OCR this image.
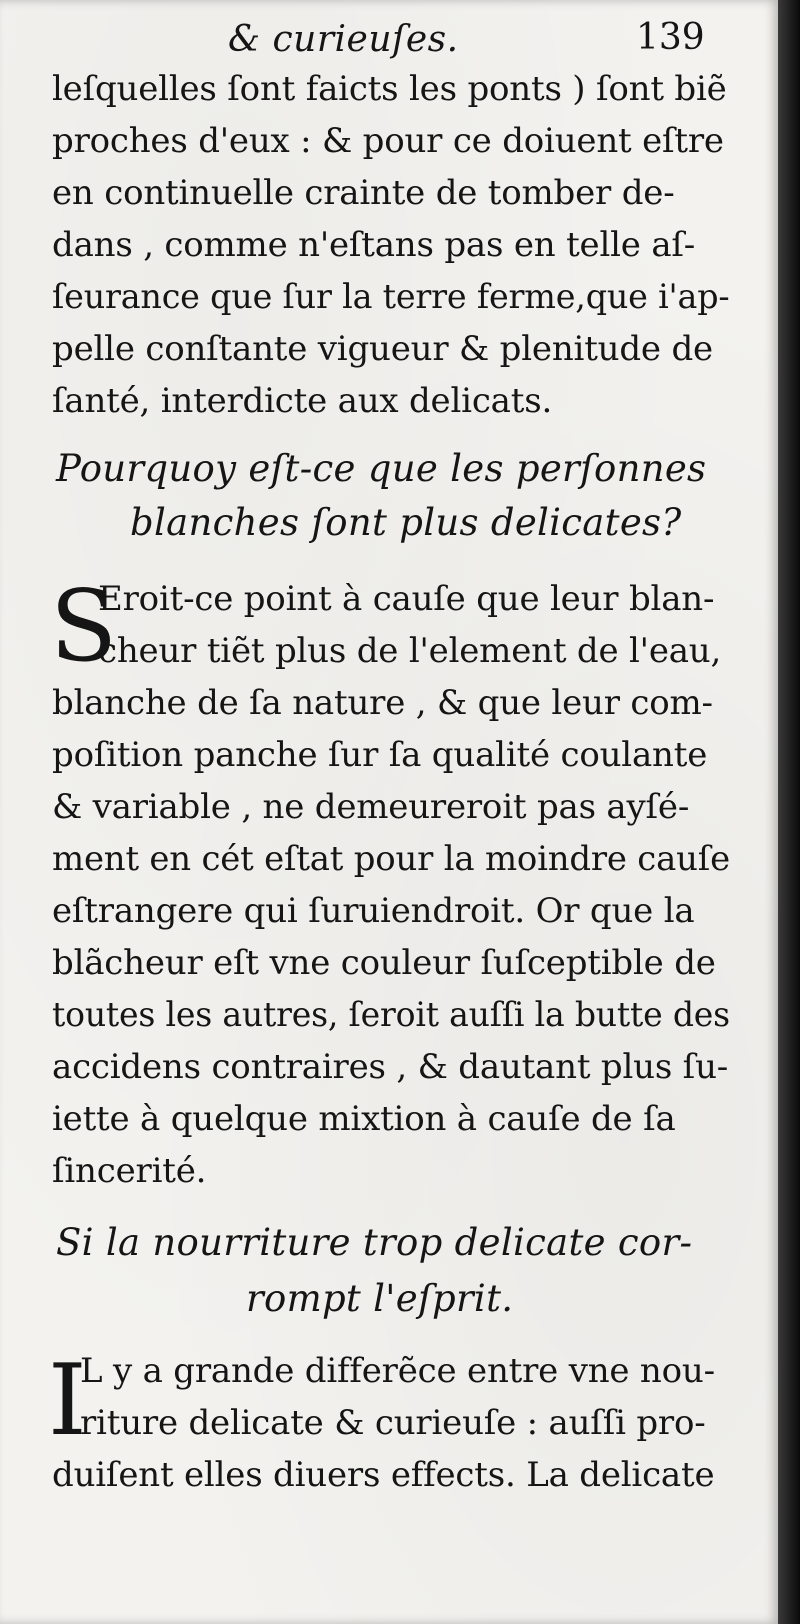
& curieuſes.	139
leſquelles ſont faicts les ponts ) ſont biẽ
proches d'eux : & pour ce doiuent eſtre
en continuelle crainte de tomber de-
dans , comme n'eſtans pas en telle aſ-
ſeurance que ſur la terre ferme,que i'ap-
pelle conſtante vigueur & plenitude de
ſanté, interdicte aux delicats.
Pourquoy eſt-ce que les perſonnes
blanches ſont plus delicates?
S
Eroit-ce point à cauſe que leur blan-
cheur tiẽt plus de l'element de l'eau,
blanche de ſa nature , & que leur com-
poſition panche ſur ſa qualité coulante
& variable , ne demeureroit pas ayſé-
ment en cét eſtat pour la moindre cauſe
eſtrangere qui ſuruiendroit. Or que la
blãcheur eſt vne couleur ſuſceptible de
toutes les autres, ſeroit auſſi la butte des
accidens contraires , & dautant plus ſu-
iette à quelque mixtion à cauſe de ſa
ſincerité.
Si la nourriture trop delicate cor-
rompt l'eſprit.
I
L y a grande differẽce entre vne nou-
riture delicate & curieuſe : auſſi pro-
duiſent elles diuers effects. La delicate
